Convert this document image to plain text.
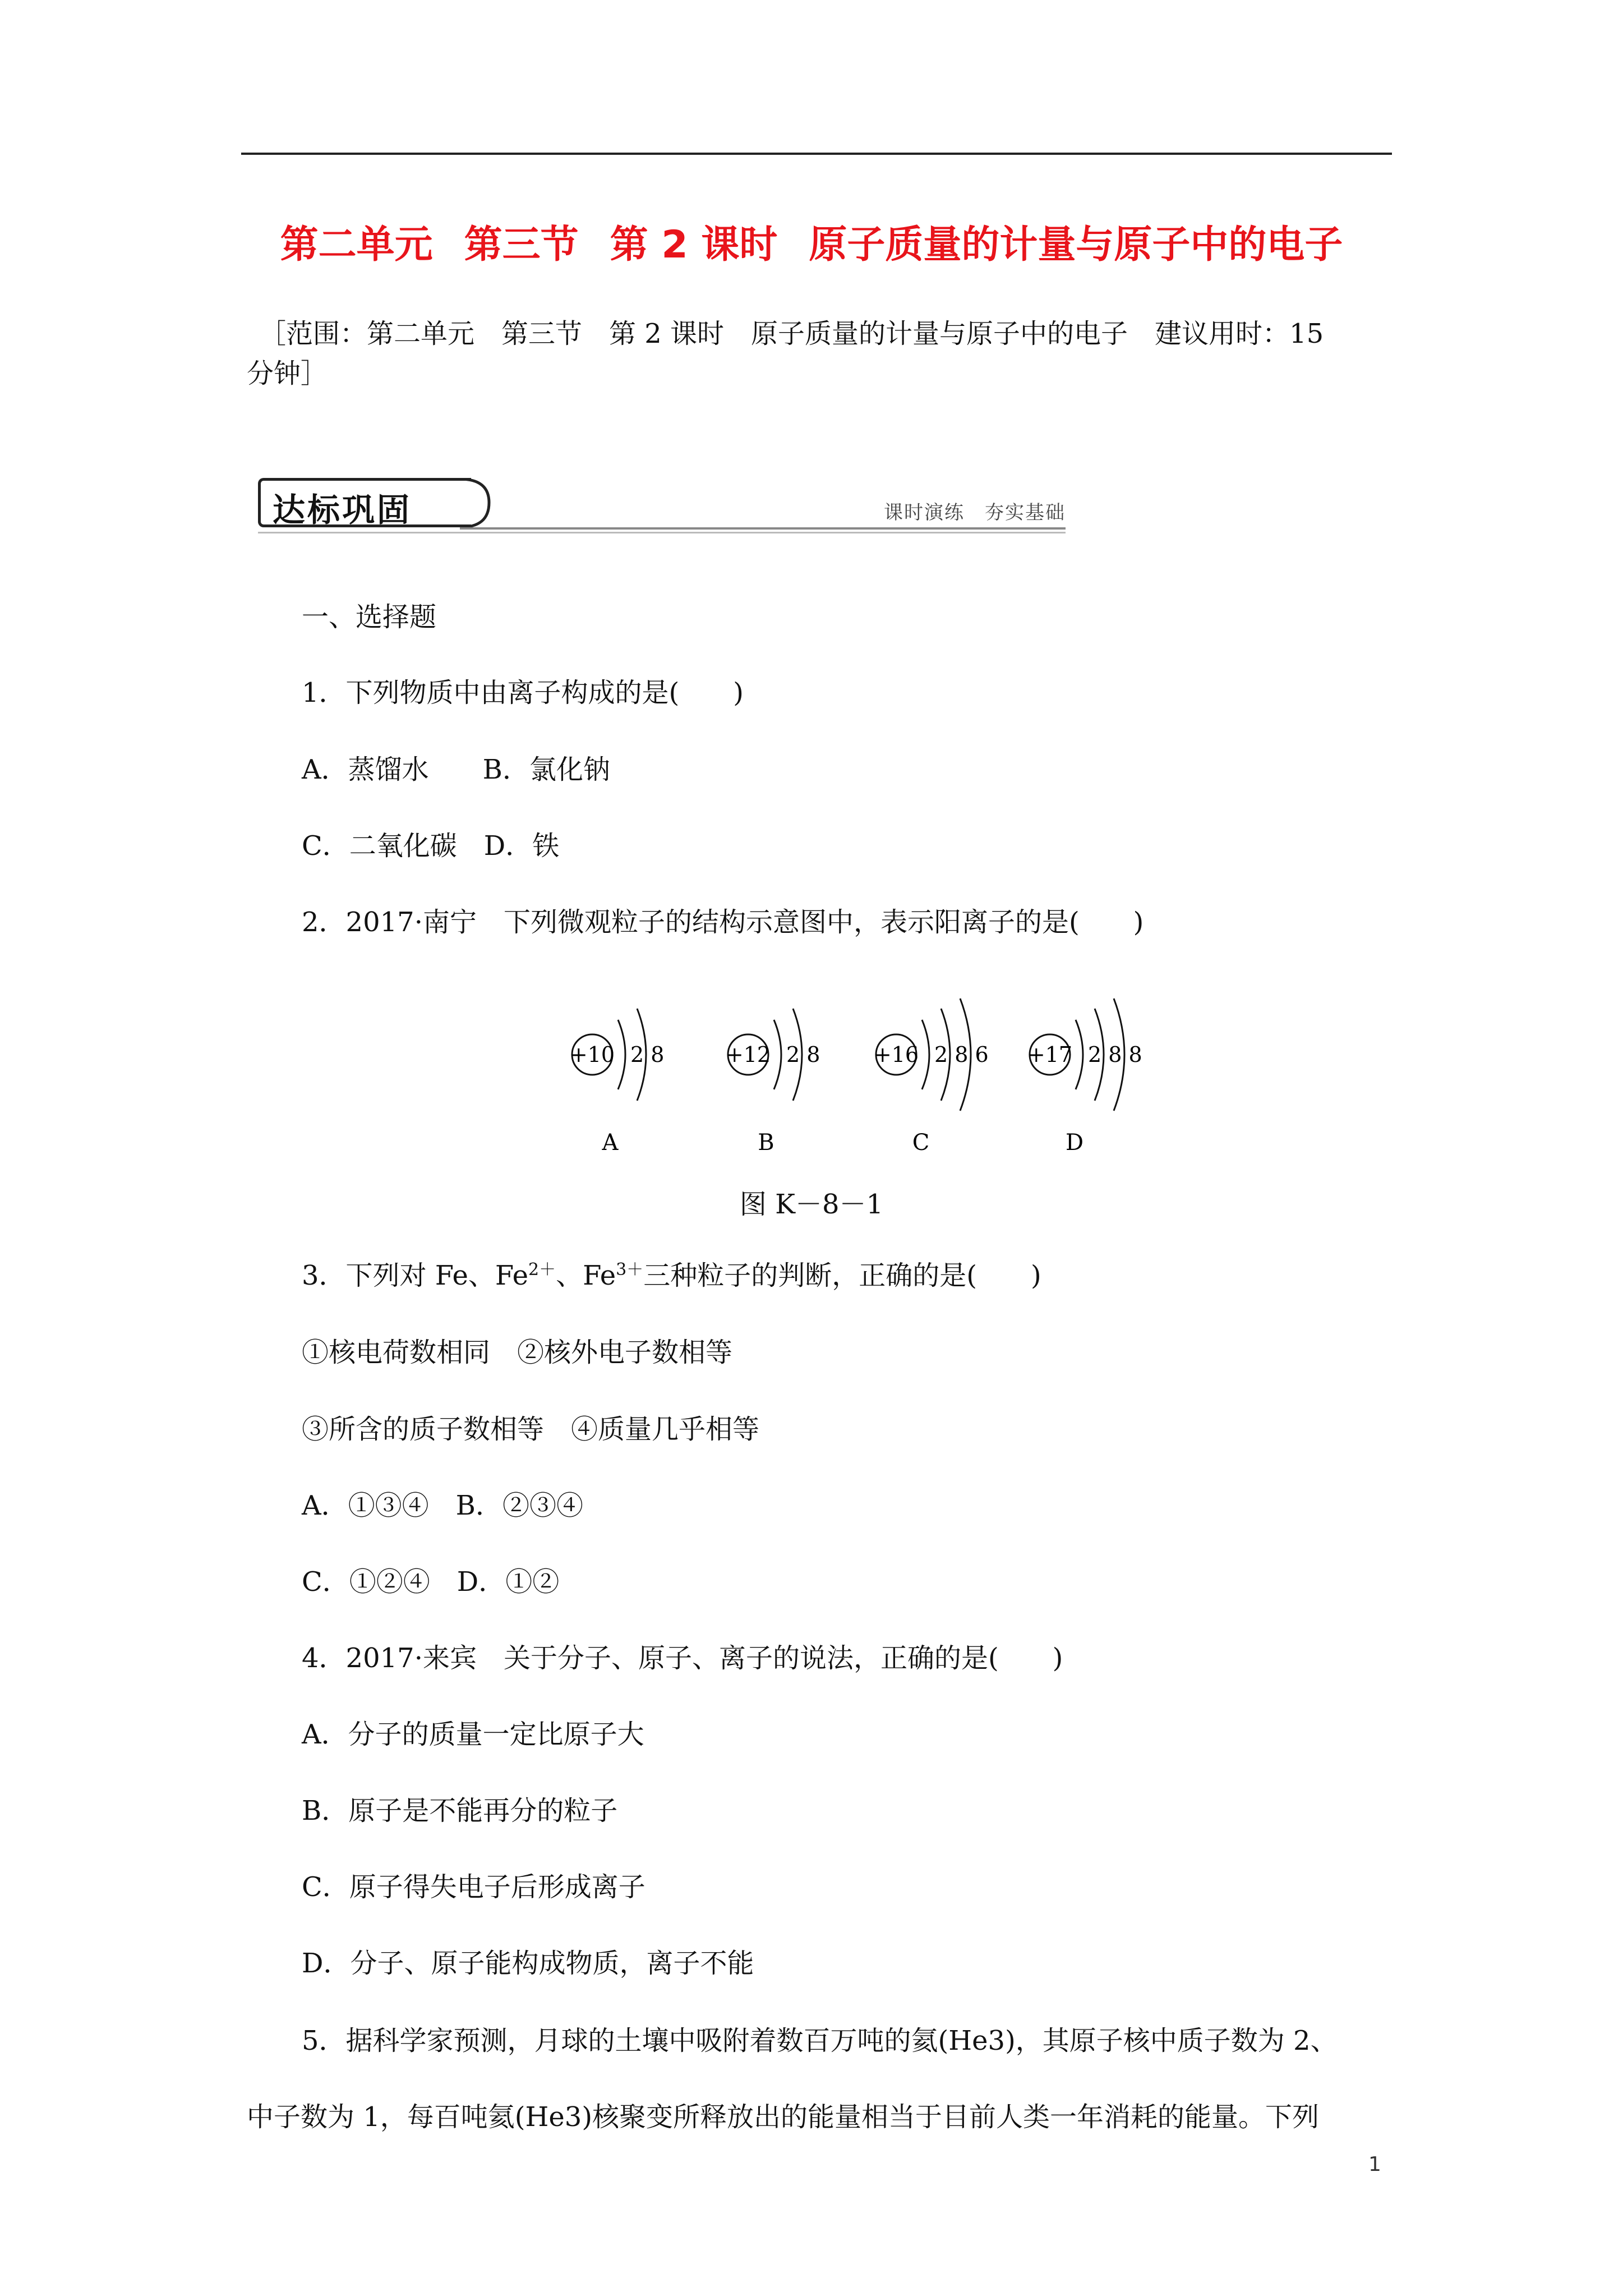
第二单元 第三节 第 2 课时 原子质量的计量与原子中的电子
［范围：第二单元　第三节　第 2 课时　原子质量的计量与原子中的电子　建议用时：15
分钟］
达标巩固	课时演练　夯实基础
一、选择题
1．下列物质中由离子构成的是(　　)
A．蒸馏水　　B．氯化钠
C．二氧化碳　D．铁
2．2017·南宁　下列微观粒子的结构示意图中，表示阳离子的是(　　)
+10 2 8
A
+12 2 8
B
+16 2 8 6
C
+17 2 8 8
D
图 K－8－1
3．下列对 Fe、$Fe^{2+}$、$Fe^{3+}$三种粒子的判断，正确的是(　　)
①核电荷数相同　②核外电子数相等
③所含的质子数相等　④质量几乎相等
A．①③④　B．②③④
C．①②④　D．①②
4．2017·来宾　关于分子、原子、离子的说法，正确的是(　　)
A．分子的质量一定比原子大
B．原子是不能再分的粒子
C．原子得失电子后形成离子
D．分子、原子能构成物质，离子不能
5．据科学家预测，月球的土壤中吸附着数百万吨的氦(He3)，其原子核中质子数为 2、
中子数为 1，每百吨氦(He3)核聚变所释放出的能量相当于目前人类一年消耗的能量。下列
1
